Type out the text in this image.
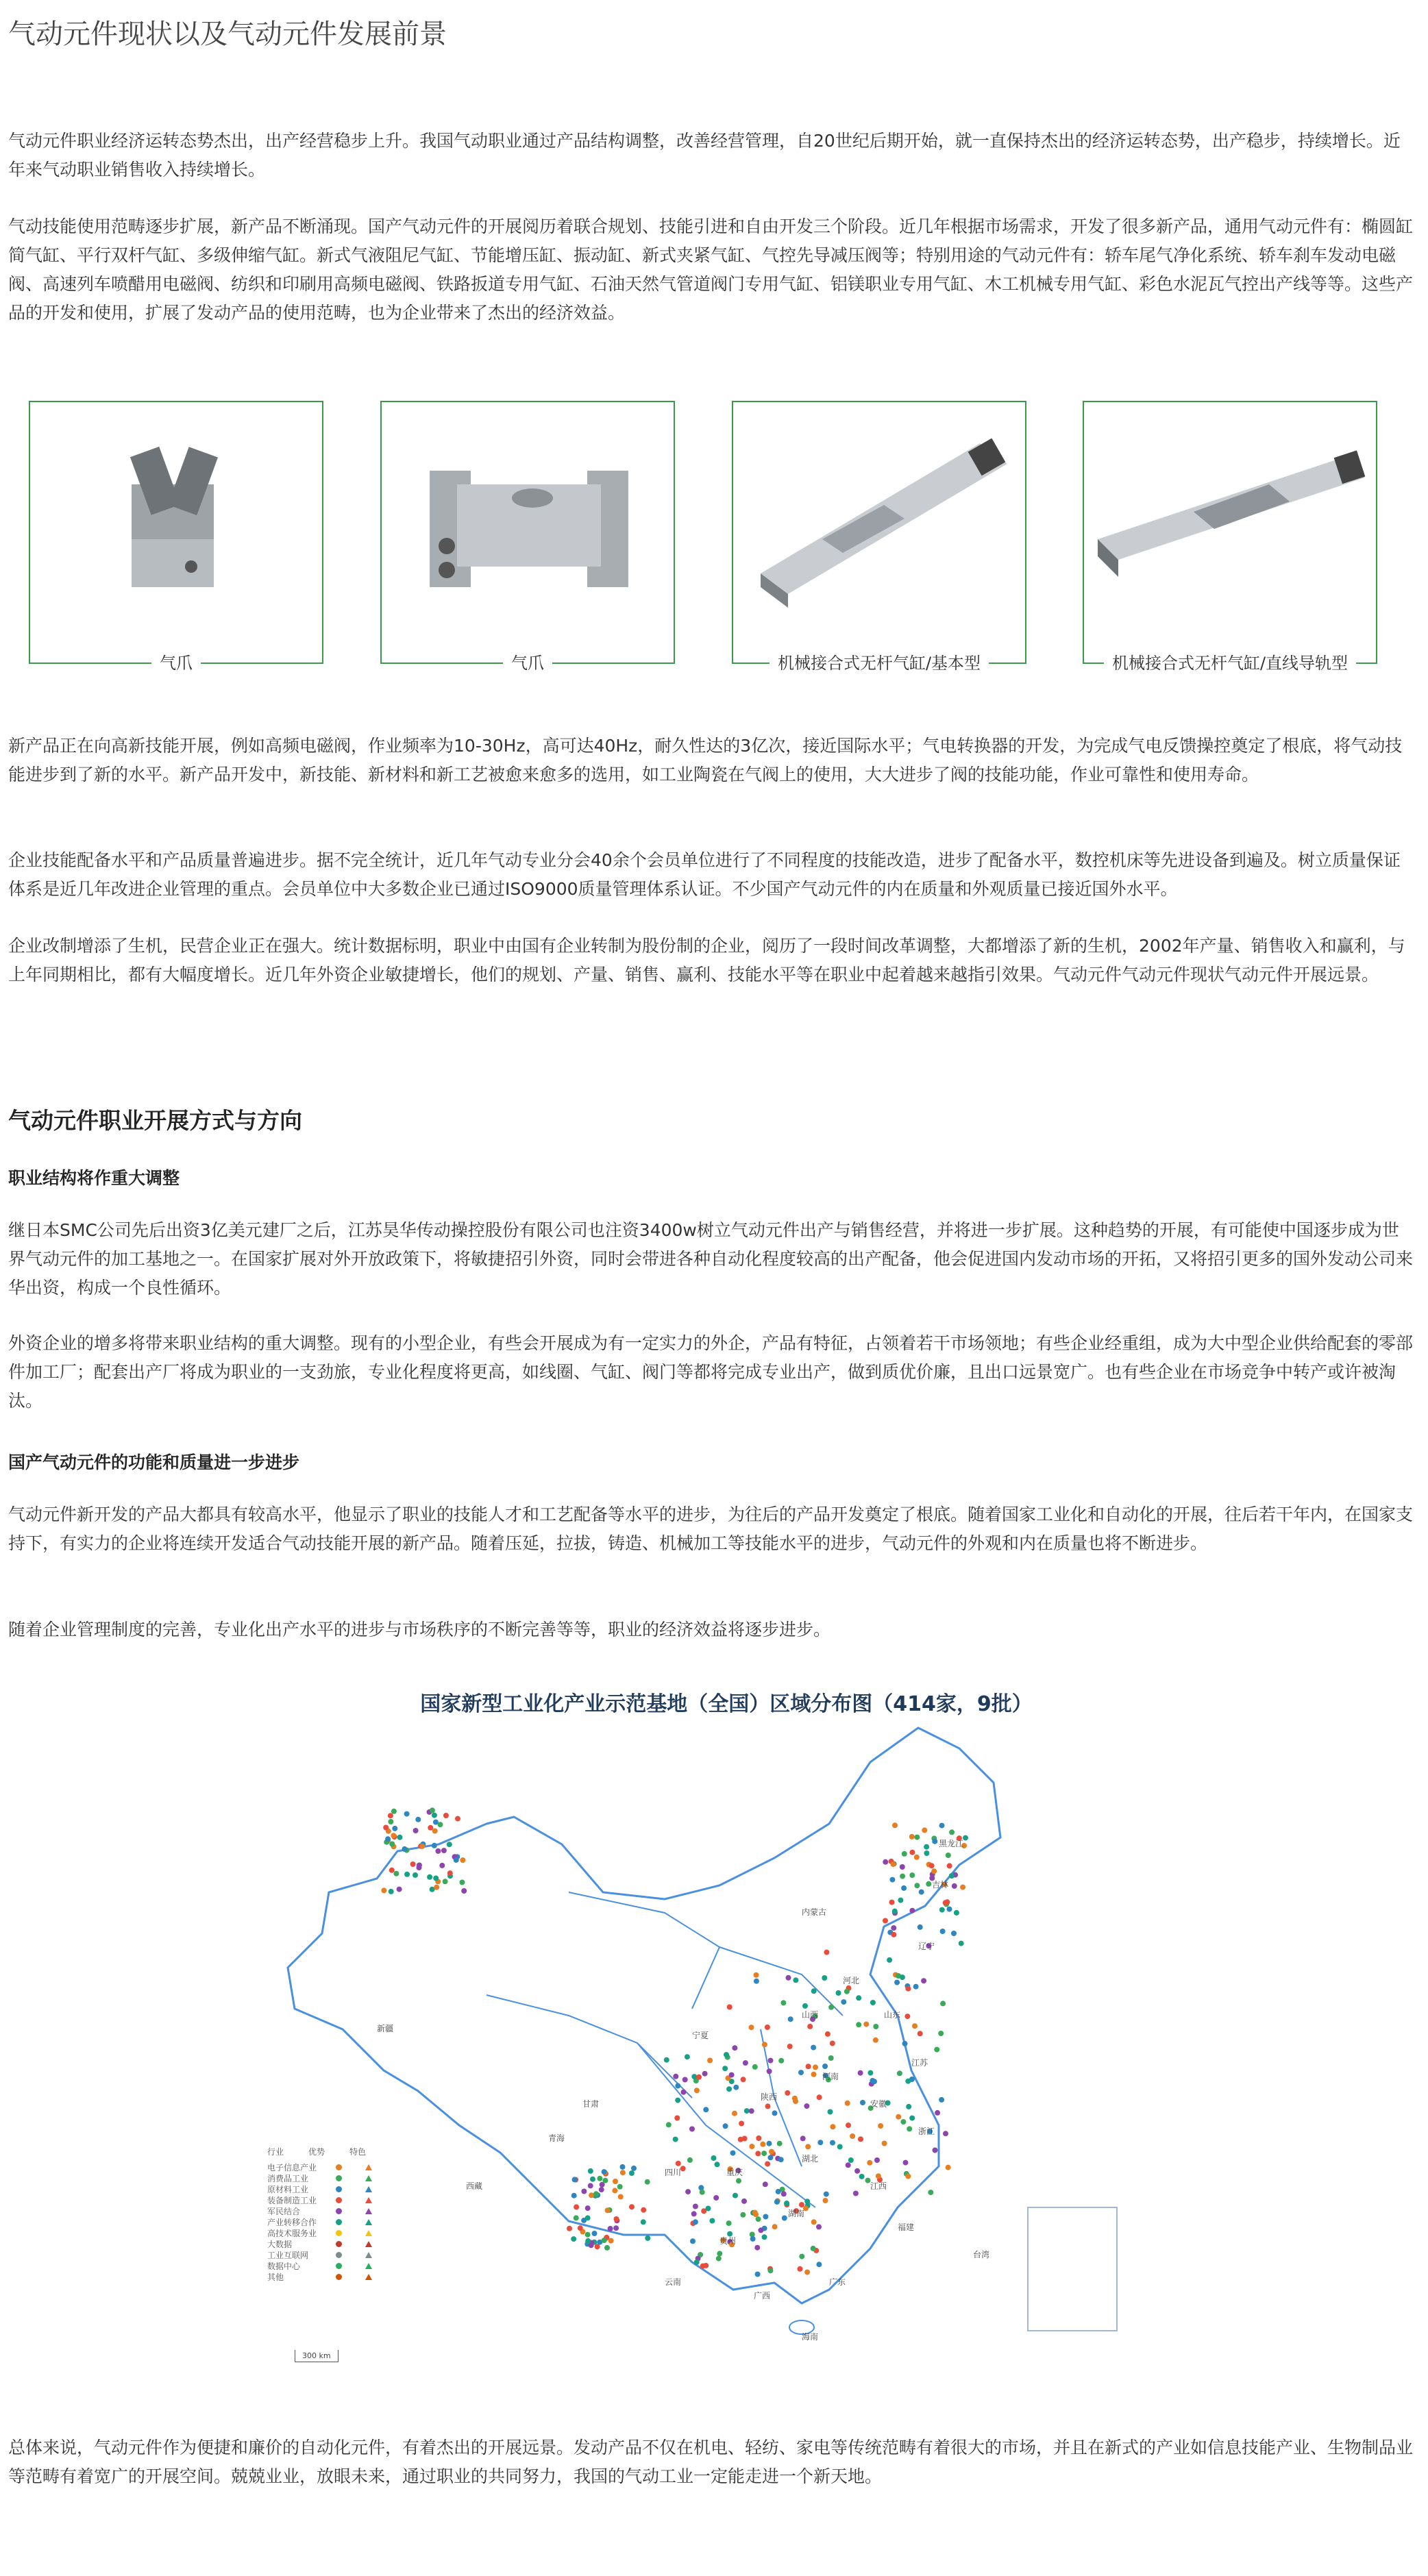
气动元件现状以及气动元件发展前景

气动元件职业经济运转态势杰出，出产经营稳步上升。我国气动职业通过产品结构调整，改善经营管理，自20世纪后期开始，就一直保持杰出的经济运转态势，出产稳步，持续增长。近年来气动职业销售收入持续增长。

气动技能使用范畴逐步扩展，新产品不断涌现。国产气动元件的开展阅历着联合规划、技能引进和自由开发三个阶段。近几年根据市场需求，开发了很多新产品，通用气动元件有：椭圆缸简气缸、平行双杆气缸、多级伸缩气缸。新式气液阻尼气缸、节能增压缸、振动缸、新式夹紧气缸、气控先导减压阀等；特别用途的气动元件有：轿车尾气净化系统、轿车刹车发动电磁阀、高速列车喷醋用电磁阀、纺织和印刷用高频电磁阀、铁路扳道专用气缸、石油天然气管道阀门专用气缸、铝镁职业专用气缸、木工机械专用气缸、彩色水泥瓦气控出产线等等。这些产品的开发和使用，扩展了发动产品的使用范畴，也为企业带来了杰出的经济效益。

气爪	气爪	机械接合式无杆气缸/基本型	机械接合式无杆气缸/直线导轨型

新产品正在向高新技能开展，例如高频电磁阀，作业频率为10-30Hz，高可达40Hz，耐久性达的3亿次，接近国际水平；气电转换器的开发，为完成气电反馈操控奠定了根底，将气动技能进步到了新的水平。新产品开发中，新技能、新材料和新工艺被愈来愈多的选用，如工业陶瓷在气阀上的使用，大大进步了阀的技能功能，作业可靠性和使用寿命。

企业技能配备水平和产品质量普遍进步。据不完全统计，近几年气动专业分会40余个会员单位进行了不同程度的技能改造，进步了配备水平，数控机床等先进设备到遍及。树立质量保证体系是近几年改进企业管理的重点。会员单位中大多数企业已通过ISO9000质量管理体系认证。不少国产气动元件的内在质量和外观质量已接近国外水平。

企业改制增添了生机，民营企业正在强大。统计数据标明，职业中由国有企业转制为股份制的企业，阅历了一段时间改革调整，大都增添了新的生机，2002年产量、销售收入和赢利，与上年同期相比，都有大幅度增长。近几年外资企业敏捷增长，他们的规划、产量、销售、赢利、技能水平等在职业中起着越来越指引效果。气动元件气动元件现状气动元件开展远景。

气动元件职业开展方式与方向
职业结构将作重大调整

继日本SMC公司先后出资3亿美元建厂之后，江苏昊华传动操控股份有限公司也注资3400w树立气动元件出产与销售经营，并将进一步扩展。这种趋势的开展，有可能使中国逐步成为世界气动元件的加工基地之一。在国家扩展对外开放政策下，将敏捷招引外资，同时会带进各种自动化程度较高的出产配备，他会促进国内发动市场的开拓，又将招引更多的国外发动公司来华出资，构成一个良性循环。

外资企业的增多将带来职业结构的重大调整。现有的小型企业，有些会开展成为有一定实力的外企，产品有特征，占领着若干市场领地；有些企业经重组，成为大中型企业供给配套的零部件加工厂；配套出产厂将成为职业的一支劲旅，专业化程度将更高，如线圈、气缸、阀门等都将完成专业出产，做到质优价廉，且出口远景宽广。也有些企业在市场竞争中转产或许被淘汰。

国产气动元件的功能和质量进一步进步

气动元件新开发的产品大都具有较高水平，他显示了职业的技能人才和工艺配备等水平的进步，为往后的产品开发奠定了根底。随着国家工业化和自动化的开展，往后若干年内，在国家支持下，有实力的企业将连续开发适合气动技能开展的新产品。随着压延，拉拔，铸造、机械加工等技能水平的进步，气动元件的外观和内在质量也将不断进步。

随着企业管理制度的完善，专业化出产水平的进步与市场秩序的不断完善等等，职业的经济效益将逐步进步。

国家新型工业化产业示范基地（全国）区域分布图（414家，9批）
行业	优势	特色
电子信息产业
消费品工业
原材料工业
装备制造工业
军民结合
产业转移合作
高技术服务业
大数据
工业互联网
数据中心
其他
300 km
新疆
西藏
青海
甘肃
内蒙古
黑龙江
吉林
辽宁
河北
山西
陕西
四川	重庆
云南
贵州
广西
广东
湖南
湖北
河南
山东
江苏
安徽
浙江
江西
福建
海南
宁夏
台湾

总体来说，气动元件作为便捷和廉价的自动化元件，有着杰出的开展远景。发动产品不仅在机电、轻纺、家电等传统范畴有着很大的市场，并且在新式的产业如信息技能产业、生物制品业等范畴有着宽广的开展空间。兢兢业业，放眼未来，通过职业的共同努力，我国的气动工业一定能走进一个新天地。
